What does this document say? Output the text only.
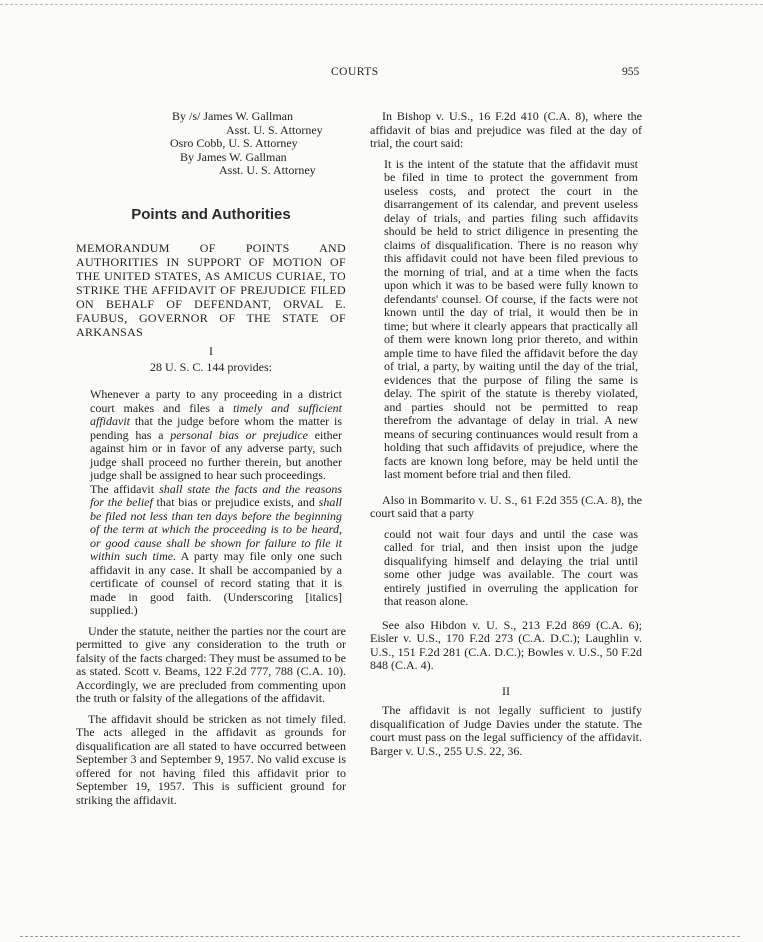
COURTS	955

By /s/ James W. Gallman

Asst. U. S. Attorney

Osro Cobb, U. S. Attorney

By James W. Gallman

Asst. U. S. Attorney

Points and Authorities

MEMORANDUM OF POINTS AND AUTHORITIES IN SUPPORT OF MOTION OF THE UNITED STATES, AS AMICUS CURIAE, TO STRIKE THE AFFIDAVIT OF PREJUDICE FILED ON BEHALF OF DEFENDANT, ORVAL E. FAUBUS, GOVERNOR OF THE STATE OF ARKANSAS

I

28 U. S. C. 144 provides:

Whenever a party to any proceeding in a district court makes and files a timely and sufficient affidavit that the judge before whom the matter is pending has a personal bias or prejudice either against him or in favor of any adverse party, such judge shall proceed no further therein, but another judge shall be assigned to hear such proceedings.

The affidavit shall state the facts and the reasons for the belief that bias or prejudice exists, and shall be filed not less than ten days before the beginning of the term at which the proceeding is to be heard, or good cause shall be shown for failure to file it within such time. A party may file only one such affidavit in any case. It shall be accompanied by a certificate of counsel of record stating that it is made in good faith. (Underscoring [italics] supplied.)

Under the statute, neither the parties nor the court are permitted to give any consideration to the truth or falsity of the facts charged: They must be assumed to be as stated. Scott v. Beams, 122 F.2d 777, 788 (C.A. 10). Accordingly, we are precluded from commenting upon the truth or falsity of the allegations of the affidavit.

The affidavit should be stricken as not timely filed. The acts alleged in the affidavit as grounds for disqualification are all stated to have occurred between September 3 and September 9, 1957. No valid excuse is offered for not having filed this affidavit prior to September 19, 1957. This is sufficient ground for striking the affidavit.

In Bishop v. U.S., 16 F.2d 410 (C.A. 8), where the affidavit of bias and prejudice was filed at the day of trial, the court said:

It is the intent of the statute that the affidavit must be filed in time to protect the government from useless costs, and protect the court in the disarrangement of its calendar, and prevent useless delay of trials, and parties filing such affidavits should be held to strict diligence in presenting the claims of disqualification. There is no reason why this affidavit could not have been filed previous to the morning of trial, and at a time when the facts upon which it was to be based were fully known to defendants' counsel. Of course, if the facts were not known until the day of trial, it would then be in time; but where it clearly appears that practically all of them were known long prior thereto, and within ample time to have filed the affidavit before the day of trial, a party, by waiting until the day of the trial, evidences that the purpose of filing the same is delay. The spirit of the statute is thereby violated, and parties should not be permitted to reap therefrom the advantage of delay in trial. A new means of securing continuances would result from a holding that such affidavits of prejudice, where the facts are known long before, may be held until the last moment before trial and then filed.

Also in Bommarito v. U. S., 61 F.2d 355 (C.A. 8), the court said that a party

could not wait four days and until the case was called for trial, and then insist upon the judge disqualifying himself and delaying the trial until some other judge was available. The court was entirely justified in overruling the application for that reason alone.

See also Hibdon v. U. S., 213 F.2d 869 (C.A. 6); Eisler v. U.S., 170 F.2d 273 (C.A. D.C.); Laughlin v. U.S., 151 F.2d 281 (C.A. D.C.); Bowles v. U.S., 50 F.2d 848 (C.A. 4).

II

The affidavit is not legally sufficient to justify disqualification of Judge Davies under the statute. The court must pass on the legal sufficiency of the affidavit. Barger v. U.S., 255 U.S. 22, 36.
